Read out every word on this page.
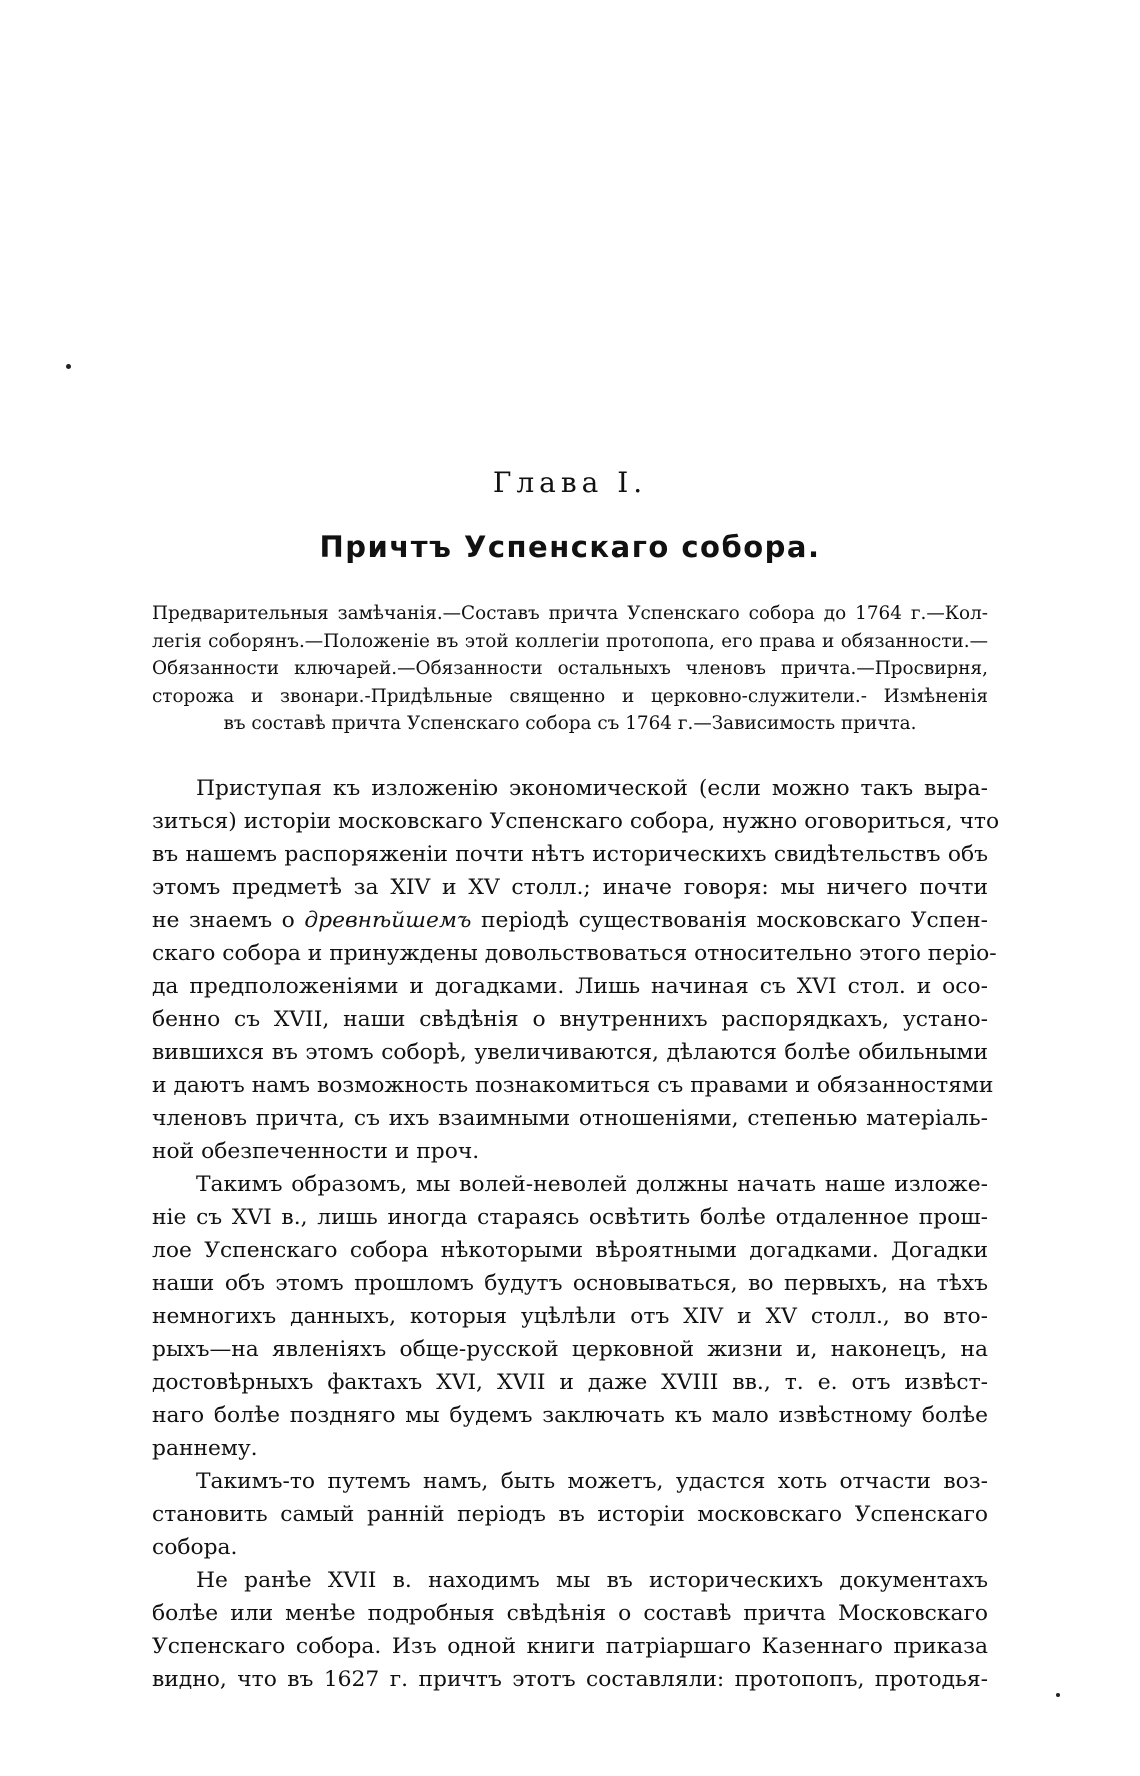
Глава I.
Причтъ Успенскаго собора.
Предварительныя замѣчанія.—Составъ причта Успенскаго собора до 1764 г.—Кол-
легія соборянъ.—Положеніе въ этой коллегіи протопопа, его права и обязанности.—
Обязанности ключарей.—Обязанности остальныхъ членовъ причта.—Просвирня,
сторожа и звонари.-Придѣльные священно и церковно-служители.- Измѣненія
въ составѣ причта Успенскаго собора съ 1764 г.—Зависимость причта.
Приступая къ изложенію экономической (если можно такъ выра-
зиться) исторіи московскаго Успенскаго собора, нужно оговориться, что
въ нашемъ распоряженіи почти нѣтъ историческихъ свидѣтельствъ объ
этомъ предметѣ за XIV и XV столл.; иначе говоря: мы ничего почти
не знаемъ о древнѣйшемъ періодѣ существованія московскаго Успен-
скаго собора и принуждены довольствоваться относительно этого періо-
да предположеніями и догадками. Лишь начиная съ XVI стол. и осо-
бенно съ XVII, наши свѣдѣнія о внутреннихъ распорядкахъ, устано-
вившихся въ этомъ соборѣ, увеличиваются, дѣлаются болѣе обильными
и даютъ намъ возможность познакомиться съ правами и обязанностями
членовъ причта, съ ихъ взаимными отношеніями, степенью матеріаль-
ной обезпеченности и проч.
Такимъ образомъ, мы волей-неволей должны начать наше изложе-
ніе съ XVI в., лишь иногда стараясь освѣтить болѣе отдаленное прош-
лое Успенскаго собора нѣкоторыми вѣроятными догадками. Догадки
наши объ этомъ прошломъ будутъ основываться, во первыхъ, на тѣхъ
немногихъ данныхъ, которыя уцѣлѣли отъ XIV и XV столл., во вто-
рыхъ—на явленіяхъ обще-русской церковной жизни и, наконецъ, на
достовѣрныхъ фактахъ XVI, XVII и даже XVIII вв., т. е. отъ извѣст-
наго болѣе поздняго мы будемъ заключать къ мало извѣстному болѣе
раннему.
Такимъ-то путемъ намъ, быть можетъ, удастся хоть отчасти воз-
становить самый ранній періодъ въ исторіи московскаго Успенскаго
собора.
Не ранѣе XVII в. находимъ мы въ историческихъ документахъ
болѣе или менѣе подробныя свѣдѣнія о составѣ причта Московскаго
Успенскаго собора. Изъ одной книги патріаршаго Казеннаго приказа
видно, что въ 1627 г. причтъ этотъ составляли: протопопъ, протодья-
